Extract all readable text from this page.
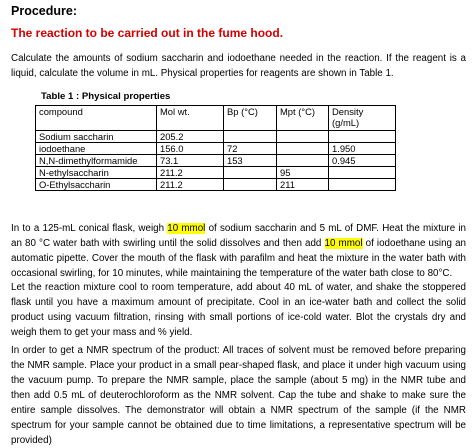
Procedure:
The reaction to be carried out in the fume hood.
Calculate the amounts of sodium saccharin and iodoethane needed in the reaction. If the reagent is a liquid, calculate the volume in mL. Physical properties for reagents are shown in Table 1.
Table 1 : Physical properties
compound	Mol wt.	Bp (°C)	Mpt (°C)	Density (g/mL)
Sodium saccharin	205.2			
iodoethane	156.0	72		1.950
N,N-dimethylformamide	73.1	153		0.945
N-ethylsaccharin	211.2		95	
O-Ethylsaccharin	211.2		211	
In to a 125-mL conical flask, weigh 10 mmol of sodium saccharin and 5 mL of DMF. Heat the mixture in an 80 °C water bath with swirling until the solid dissolves and then add 10 mmol of iodoethane using an automatic pipette. Cover the mouth of the flask with parafilm and heat the mixture in the water bath with occasional swirling, for 10 minutes, while maintaining the temperature of the water bath close to 80°C.
Let the reaction mixture cool to room temperature, add about 40 mL of water, and shake the stoppered flask until you have a maximum amount of precipitate. Cool in an ice-water bath and collect the solid product using vacuum filtration, rinsing with small portions of ice-cold water. Blot the crystals dry and weigh them to get your mass and % yield.
In order to get a NMR spectrum of the product: All traces of solvent must be removed before preparing the NMR sample. Place your product in a small pear-shaped flask, and place it under high vacuum using the vacuum pump. To prepare the NMR sample, place the sample (about 5 mg) in the NMR tube and then add 0.5 mL of deuterochloroform as the NMR solvent. Cap the tube and shake to make sure the entire sample dissolves. The demonstrator will obtain a NMR spectrum of the sample (if the NMR spectrum for your sample cannot be obtained due to time limitations, a representative spectrum will be provided)
